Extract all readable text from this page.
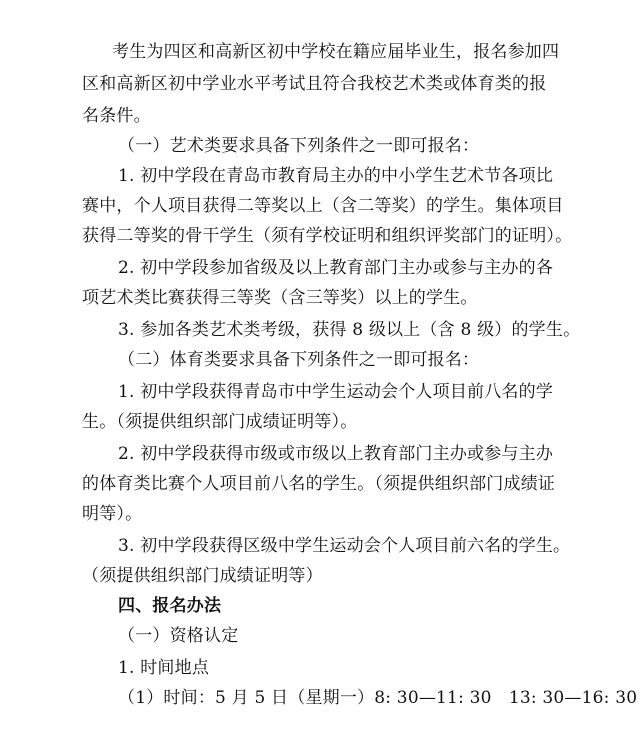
考生为四区和高新区初中学校在籍应届毕业生，报名参加四
区和高新区初中学业水平考试且符合我校艺术类或体育类的报
名条件。
（一）艺术类要求具备下列条件之一即可报名：
1. 初中学段在青岛市教育局主办的中小学生艺术节各项比
赛中，个人项目获得二等奖以上（含二等奖）的学生。集体项目
获得二等奖的骨干学生（须有学校证明和组织评奖部门的证明）。
2. 初中学段参加省级及以上教育部门主办或参与主办的各
项艺术类比赛获得三等奖（含三等奖）以上的学生。
3. 参加各类艺术类考级，获得 8 级以上（含 8 级）的学生。
（二）体育类要求具备下列条件之一即可报名：
1. 初中学段获得青岛市中学生运动会个人项目前八名的学
生。（须提供组织部门成绩证明等）。
2. 初中学段获得市级或市级以上教育部门主办或参与主办
的体育类比赛个人项目前八名的学生。（须提供组织部门成绩证
明等）。
3. 初中学段获得区级中学生运动会个人项目前六名的学生。
（须提供组织部门成绩证明等）
四、报名办法
（一）资格认定
1. 时间地点
（1）时间：5 月 5 日（星期一）8: 30—11: 30　13: 30—16: 30
